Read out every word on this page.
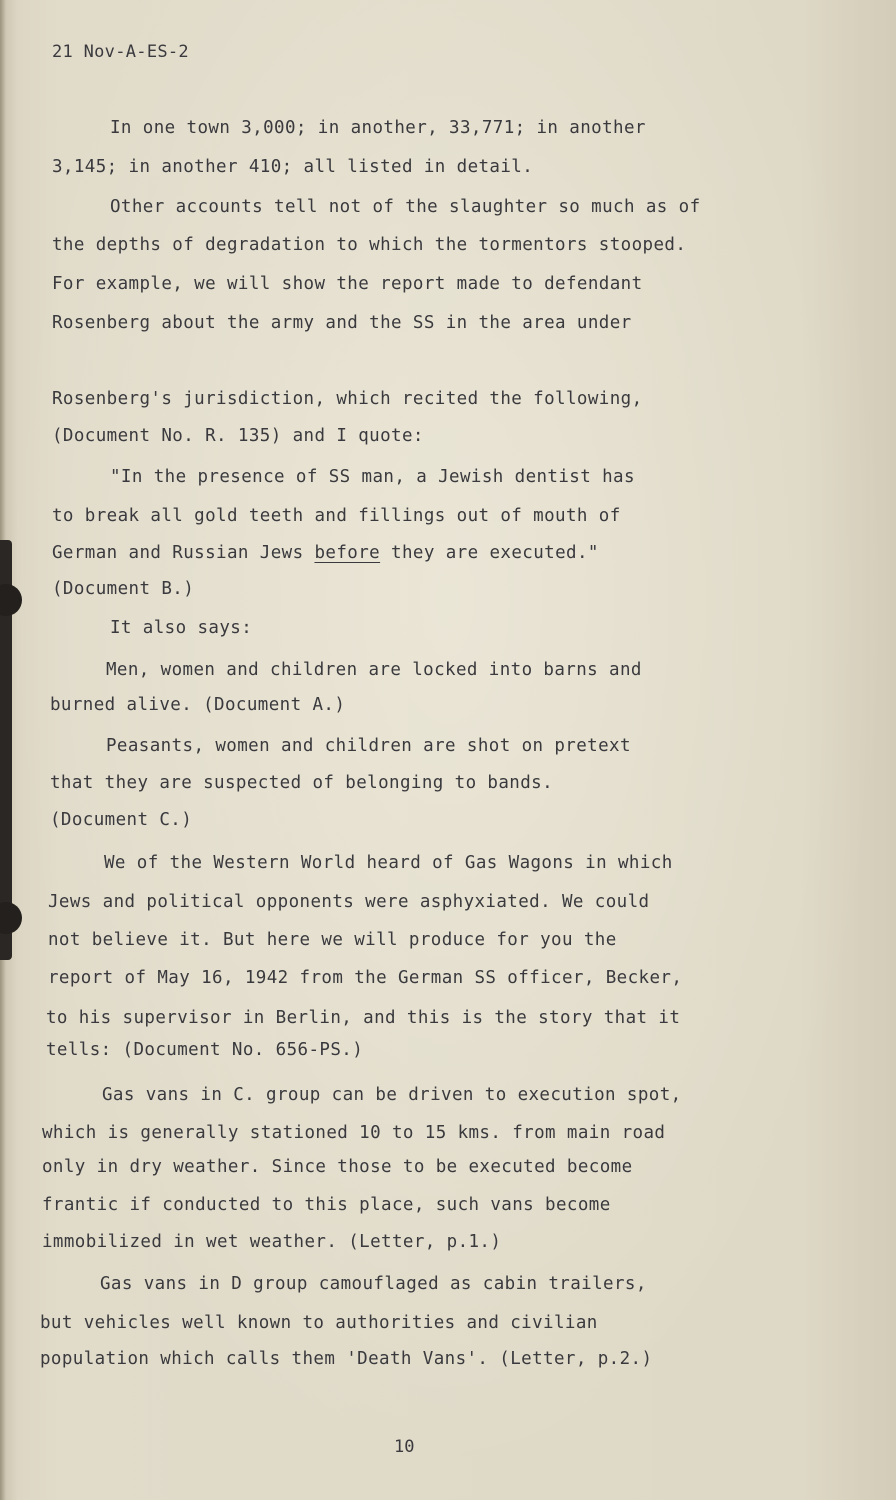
21 Nov-A-ES-2
In one town 3,000; in another, 33,771; in another
3,145; in another 410; all listed in detail.
Other accounts tell not of the slaughter so much as of
the depths of degradation to which the tormentors stooped.
For example, we will show the report made to defendant
Rosenberg about the army and the SS in the area under
Rosenberg's jurisdiction, which recited the following,
(Document No. R. 135) and I quote:
"In the presence of SS man, a Jewish dentist has
to break all gold teeth and fillings out of mouth of
German and Russian Jews before they are executed."
(Document B.)
It also says:
Men, women and children are locked into barns and
burned alive. (Document A.)
Peasants, women and children are shot on pretext
that they are suspected of belonging to bands.
(Document C.)
We of the Western World heard of Gas Wagons in which
Jews and political opponents were asphyxiated. We could
not believe it. But here we will produce for you the
report of May 16, 1942 from the German SS officer, Becker,
to his supervisor in Berlin, and this is the story that it
tells: (Document No. 656-PS.)
Gas vans in C. group can be driven to execution spot,
which is generally stationed 10 to 15 kms. from main road
only in dry weather. Since those to be executed become
frantic if conducted to this place, such vans become
immobilized in wet weather. (Letter, p.1.)
Gas vans in D group camouflaged as cabin trailers,
but vehicles well known to authorities and civilian
population which calls them 'Death Vans'. (Letter, p.2.)
10
